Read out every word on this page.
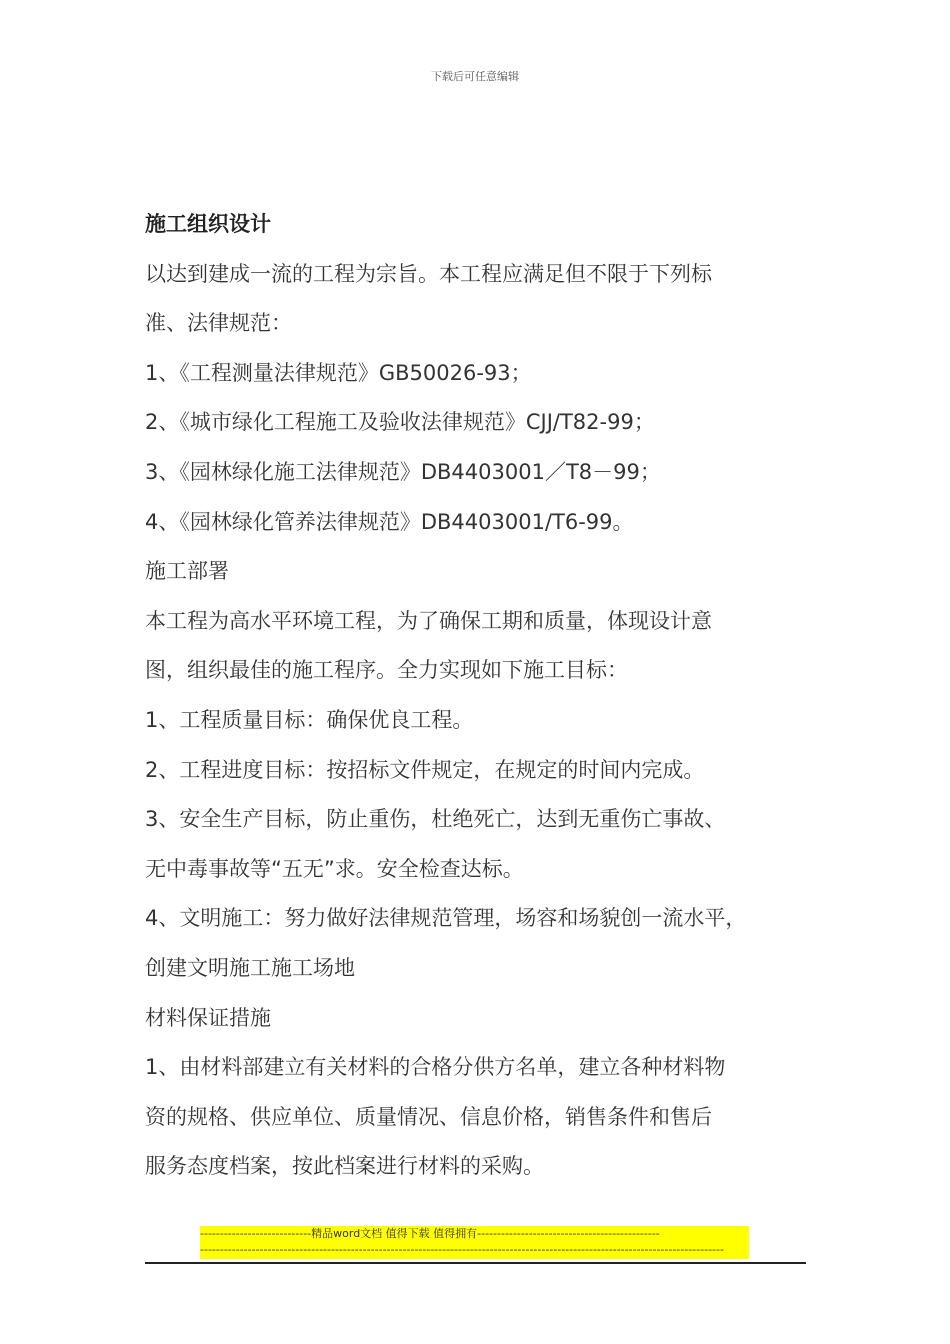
下载后可任意编辑
施工组织设计
以达到建成一流的工程为宗旨。本工程应满足但不限于下列标
准、法律规范：
1、《工程测量法律规范》GB50026-93；
2、《城市绿化工程施工及验收法律规范》CJJ/T82-99；
3、《园林绿化施工法律规范》DB4403001／T8－99；
4、《园林绿化管养法律规范》DB4403001/T6-99。
施工部署
本工程为高水平环境工程，为了确保工期和质量，体现设计意
图，组织最佳的施工程序。全力实现如下施工目标：
1、工程质量目标：确保优良工程。
2、工程进度目标：按招标文件规定，在规定的时间内完成。
3、安全生产目标，防止重伤，杜绝死亡，达到无重伤亡事故、
无中毒事故等“五无”求。安全检查达标。
4、文明施工：努力做好法律规范管理，场容和场貌创一流水平，
创建文明施工施工场地
材料保证措施
1、由材料部建立有关材料的合格分供方名单，建立各种材料物
资的规格、供应单位、质量情况、信息价格，销售条件和售后
服务态度档案，按此档案进行材料的采购。
----------------------------精品word文档 值得下载 值得拥有----------------------------------------------
------------------------------------------------------------------------------------------------------------------------------------
